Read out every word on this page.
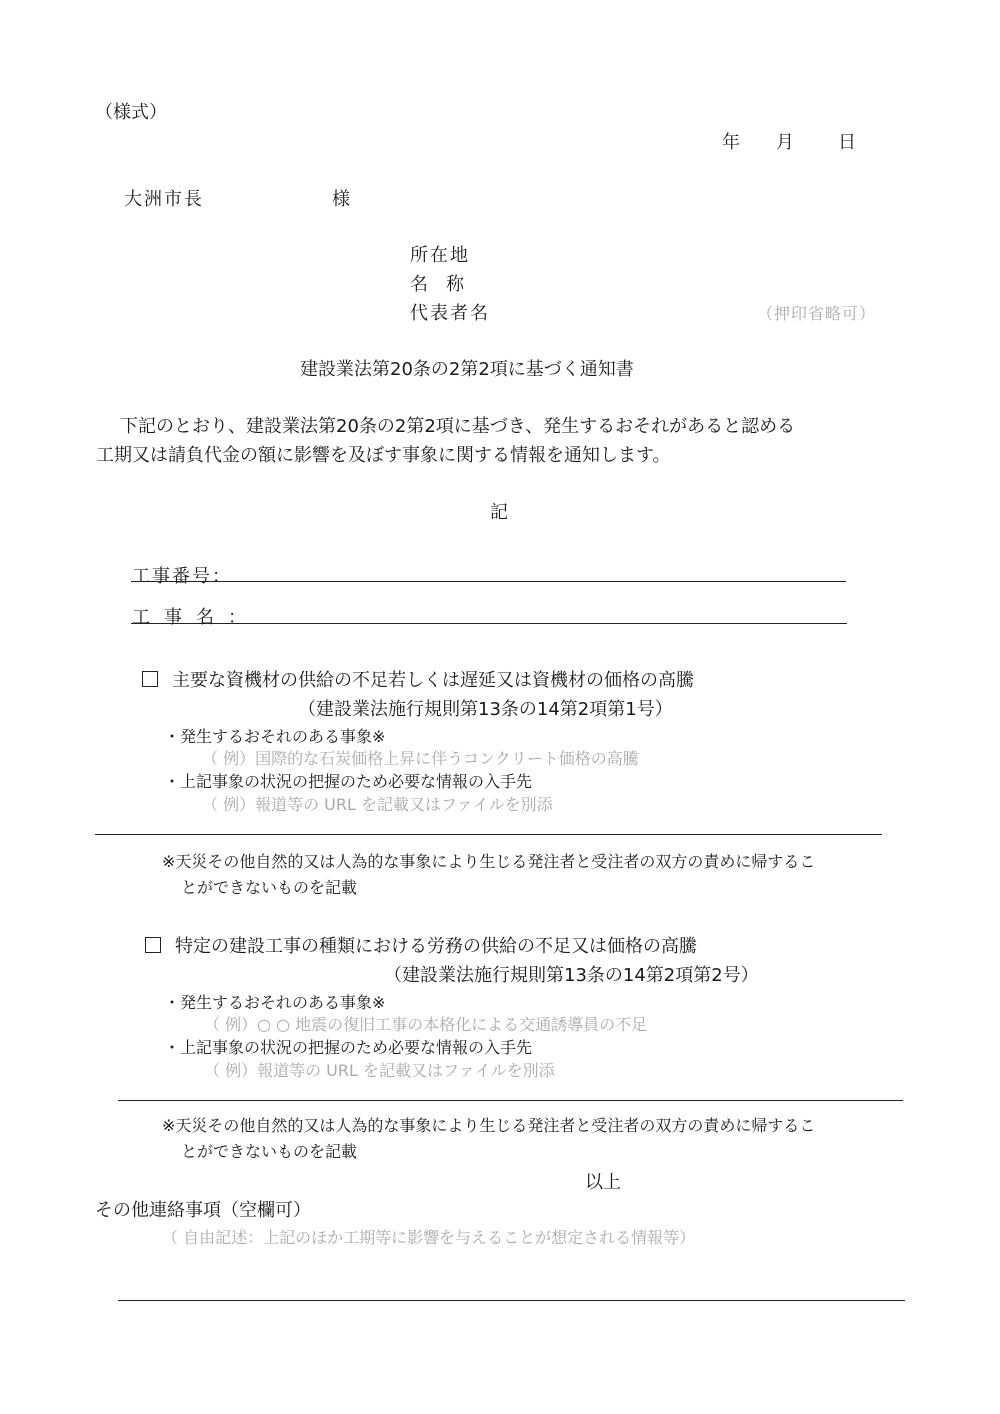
（様式）
年 月 日
大洲市長	様
所在地
名　称
代表者名	（押印省略可）
建設業法第20条の2第2項に基づく通知書
下記のとおり、建設業法第20条の2第2項に基づき、発生するおそれがあると認める
工期又は請負代金の額に影響を及ぼす事象に関する情報を通知します。
記
工事番号：
工事名：
主要な資機材の供給の不足若しくは遅延又は資機材の価格の高騰
（建設業法施行規則第13条の14第2項第1号）
・発生するおそれのある事象※
（ 例）国際的な石炭価格上昇に伴うコンクリート価格の高騰
・上記事象の状況の把握のため必要な情報の入手先
（ 例）報道等の URL を記載又はファイルを別添
※天災その他自然的又は人為的な事象により生じる発注者と受注者の双方の責めに帰するこ
とができないものを記載
特定の建設工事の種類における労務の供給の不足又は価格の高騰
（建設業法施行規則第13条の14第2項第2号）
・発生するおそれのある事象※
（ 例）○ ○ 地震の復旧工事の本格化による交通誘導員の不足
・上記事象の状況の把握のため必要な情報の入手先
（ 例）報道等の URL を記載又はファイルを別添
※天災その他自然的又は人為的な事象により生じる発注者と受注者の双方の責めに帰するこ
とができないものを記載
以上
その他連絡事項（空欄可）
（ 自由記述：上記のほか工期等に影響を与えることが想定される情報等）
